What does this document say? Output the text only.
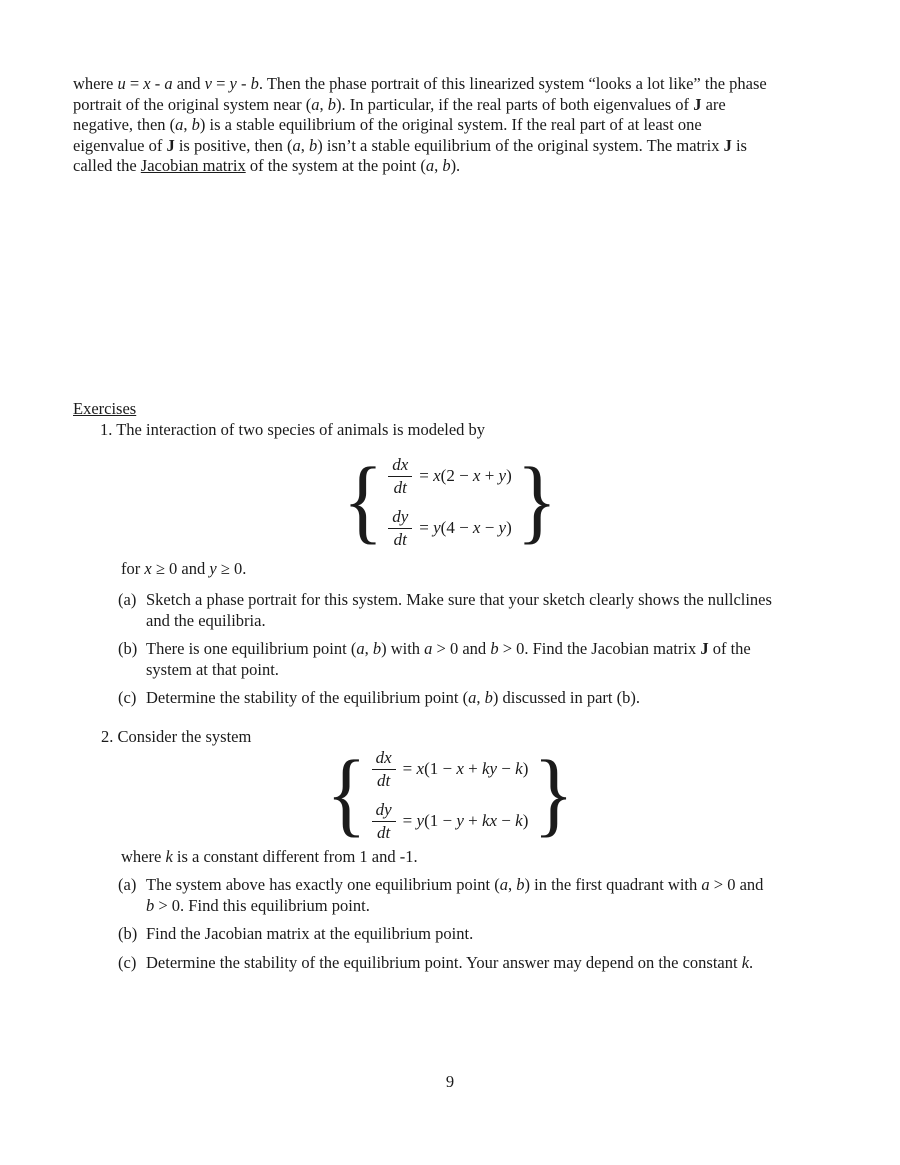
where u = x - a and v = y - b. Then the phase portrait of this linearized system “looks a lot like” the phase
portrait of the original system near (a, b). In particular, if the real parts of both eigenvalues of J are
negative, then (a, b) is a stable equilibrium of the original system. If the real part of at least one
eigenvalue of J is positive, then (a, b) isn’t a stable equilibrium of the original system. The matrix J is
called the Jacobian matrix of the system at the point (a, b).
Exercises
1. The interaction of two species of animals is modeled by
{ $\frac{dx}{dt} = x(2 - x + y)$
$\frac{dy}{dt} = y(4 - x - y)$ }
for x ≥ 0 and y ≥ 0.
(a) Sketch a phase portrait for this system. Make sure that your sketch clearly shows the nullclines
and the equilibria.
(b) There is one equilibrium point (a, b) with a > 0 and b > 0. Find the Jacobian matrix J of the
system at that point.
(c) Determine the stability of the equilibrium point (a, b) discussed in part (b).
2. Consider the system
{ $\frac{dx}{dt} = x(1 - x$ + ky − k)
$\frac{dy}{dt} = y(1 - y$ + kx − k) }
where k is a constant different from 1 and -1.
(a) The system above has exactly one equilibrium point (a, b) in the first quadrant with a > 0 and
b > 0. Find this equilibrium point.
(b) Find the Jacobian matrix at the equilibrium point.
(c) Determine the stability of the equilibrium point. Your answer may depend on the constant k.
9
